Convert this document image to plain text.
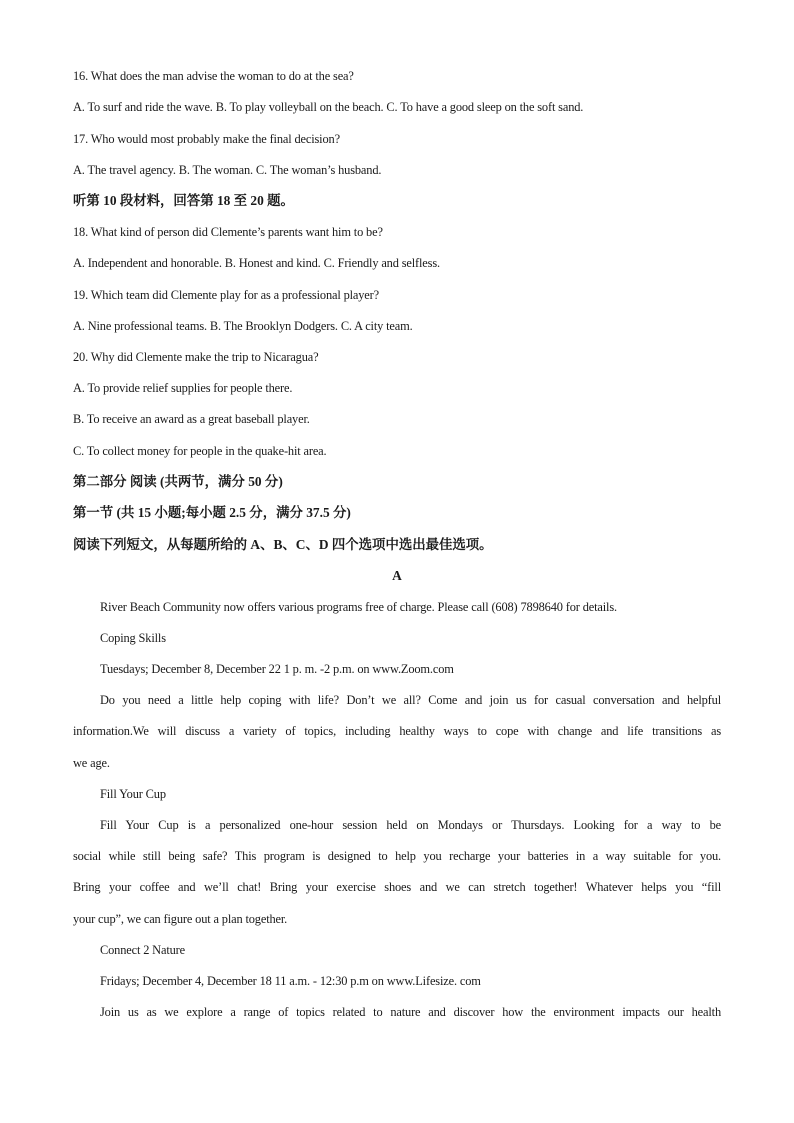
16. What does the man advise the woman to do at the sea?
A. To surf and ride the wave. B. To play volleyball on the beach. C. To have a good sleep on the soft sand.
17. Who would most probably make the final decision?
A. The travel agency. B. The woman. C. The woman’s husband.
听第 10 段材料，回答第 18 至 20 题。
18. What kind of person did Clemente’s parents want him to be?
A. Independent and honorable. B. Honest and kind. C. Friendly and selfless.
19. Which team did Clemente play for as a professional player?
A. Nine professional teams. B. The Brooklyn Dodgers. C. A city team.
20. Why did Clemente make the trip to Nicaragua?
A. To provide relief supplies for people there.
B. To receive an award as a great baseball player.
C. To collect money for people in the quake-hit area.
第二部分 阅读 (共两节，满分 50 分)
第一节 (共 15 小题;每小题 2.5 分，满分 37.5 分)
阅读下列短文，从每题所给的 A、B、C、D 四个选项中选出最佳选项。
A
River Beach Community now offers various programs free of charge. Please call (608) 7898640 for details.
Coping Skills
Tuesdays; December 8, December 22 1 p. m. -2 p.m. on www.Zoom.com
Do you need a little help coping with life? Don’t we all? Come and join us for casual conversation and helpful
information.We will discuss a variety of topics, including healthy ways to cope with change and life transitions as
we age.
Fill Your Cup
Fill Your Cup is a personalized one-hour session held on Mondays or Thursdays. Looking for a way to be
social while still being safe? This program is designed to help you recharge your batteries in a way suitable for you.
Bring your coffee and we’ll chat! Bring your exercise shoes and we can stretch together! Whatever helps you “fill
your cup”, we can figure out a plan together.
Connect 2 Nature
Fridays; December 4, December 18 11 a.m. - 12:30 p.m on www.Lifesize. com
Join us as we explore a range of topics related to nature and discover how the environment impacts our health
